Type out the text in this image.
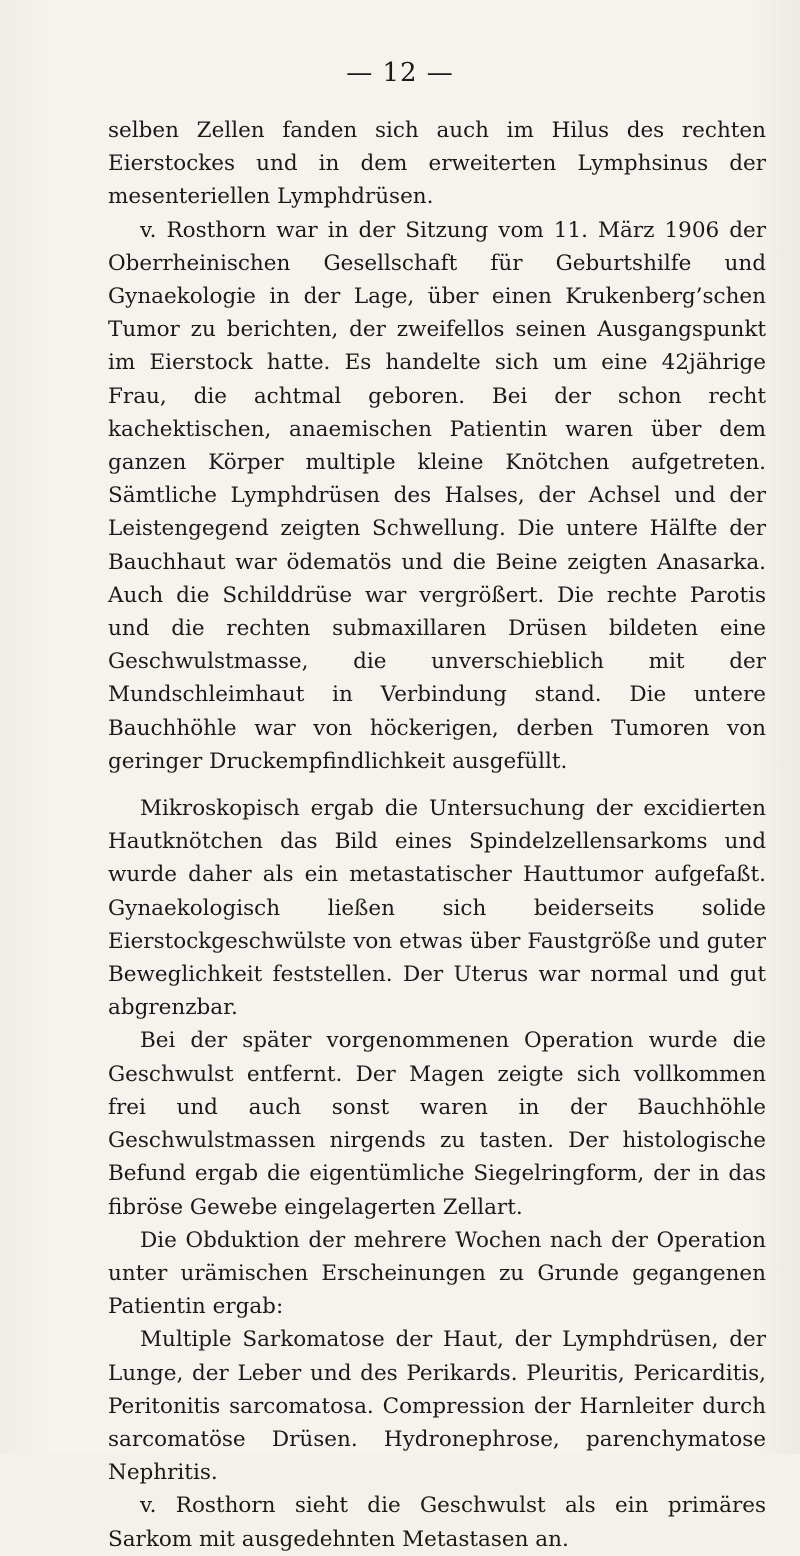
— 12 —

selben Zellen fanden sich auch im Hilus des rechten Eierstockes und in dem erweiterten Lymphsinus der mesenteriellen Lymphdrüsen.

v. Rosthorn war in der Sitzung vom 11. März 1906 der Oberrheinischen Gesellschaft für Geburtshilfe und Gynaekologie in der Lage, über einen Krukenberg’schen Tumor zu berichten, der zweifellos seinen Ausgangspunkt im Eierstock hatte. Es handelte sich um eine 42jährige Frau, die achtmal geboren. Bei der schon recht kachektischen, anaemischen Patientin waren über dem ganzen Körper multiple kleine Knötchen aufgetreten. Sämtliche Lymphdrüsen des Halses, der Achsel und der Leistengegend zeigten Schwellung. Die untere Hälfte der Bauchhaut war ödematös und die Beine zeigten Anasarka. Auch die Schilddrüse war vergrößert. Die rechte Parotis und die rechten submaxillaren Drüsen bildeten eine Geschwulstmasse, die unverschieblich mit der Mundschleimhaut in Verbindung stand. Die untere Bauchhöhle war von höckerigen, derben Tumoren von geringer Druckempfindlichkeit ausgefüllt.

Mikroskopisch ergab die Untersuchung der excidierten Hautknötchen das Bild eines Spindelzellensarkoms und wurde daher als ein metastatischer Hauttumor aufgefaßt. Gynaekologisch ließen sich beiderseits solide Eierstockgeschwülste von etwas über Faustgröße und guter Beweglichkeit feststellen. Der Uterus war normal und gut abgrenzbar.

Bei der später vorgenommenen Operation wurde die Geschwulst entfernt. Der Magen zeigte sich vollkommen frei und auch sonst waren in der Bauchhöhle Geschwulstmassen nirgends zu tasten. Der histologische Befund ergab die eigentümliche Siegelringform, der in das fibröse Gewebe eingelagerten Zellart.

Die Obduktion der mehrere Wochen nach der Operation unter urämischen Erscheinungen zu Grunde gegangenen Patientin ergab:

Multiple Sarkomatose der Haut, der Lymphdrüsen, der Lunge, der Leber und des Perikards. Pleuritis, Pericarditis, Peritonitis sarcomatosa. Compression der Harnleiter durch sarcomatöse Drüsen. Hydronephrose, parenchymatose Nephritis.

v. Rosthorn sieht die Geschwulst als ein primäres Sarkom mit ausgedehnten Metastasen an.
